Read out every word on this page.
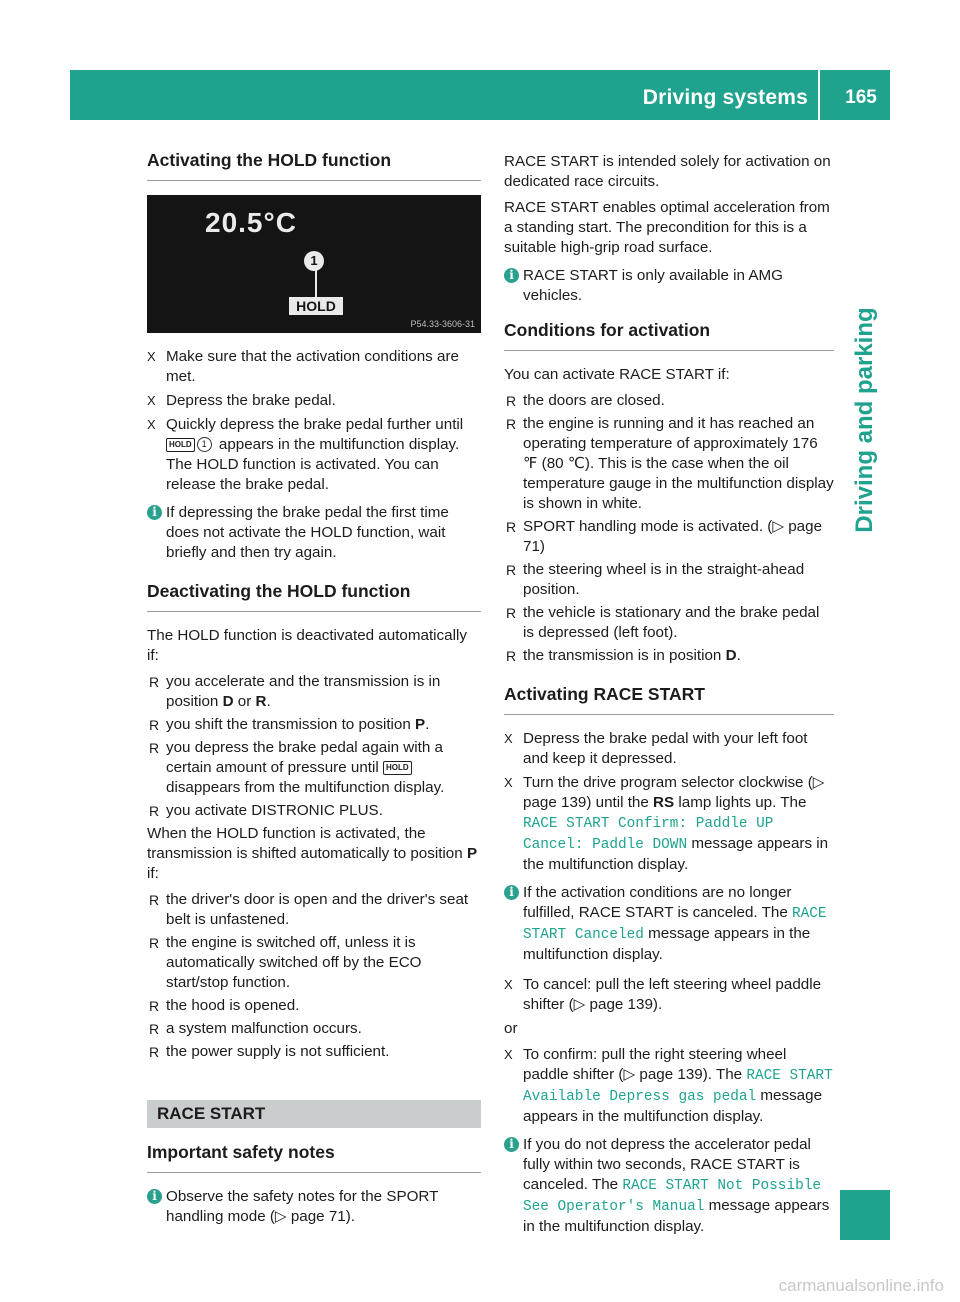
Driving systems	165
Driving and parking
Activating the HOLD function
20.5°C
1
HOLD
P54.33-3606-31
X Make sure that the activation conditions are met.
X Depress the brake pedal.
X Quickly depress the brake pedal further until HOLD 1 appears in the multifunction display. The HOLD function is activated. You can release the brake pedal.
i If depressing the brake pedal the first time does not activate the HOLD function, wait briefly and then try again.
Deactivating the HOLD function

The HOLD function is deactivated automatically if:

R you accelerate and the transmission is in position D or R.
R you shift the transmission to position P.
R you depress the brake pedal again with a certain amount of pressure until HOLD disappears from the multifunction display.
R you activate DISTRONIC PLUS.

When the HOLD function is activated, the transmission is shifted automatically to position P if:

R the driver's door is open and the driver's seat belt is unfastened.
R the engine is switched off, unless it is automatically switched off by the ECO start/stop function.
R the hood is opened.
R a system malfunction occurs.
R the power supply is not sufficient.
RACE START
Important safety notes
i Observe the safety notes for the SPORT handling mode (▷ page 71).

RACE START is intended solely for activation on dedicated race circuits.

RACE START enables optimal acceleration from a standing start. The precondition for this is a suitable high-grip road surface.

i RACE START is only available in AMG vehicles.
Conditions for activation

You can activate RACE START if:

R the doors are closed.
R the engine is running and it has reached an operating temperature of approximately 176 ℉ (80 ℃). This is the case when the oil temperature gauge in the multifunction display is shown in white.
R SPORT handling mode is activated. (▷ page 71)
R the steering wheel is in the straight-ahead position.
R the vehicle is stationary and the brake pedal is depressed (left foot).
R the transmission is in position D.
Activating RACE START
X Depress the brake pedal with your left foot and keep it depressed.
X Turn the drive program selector clockwise (▷ page 139) until the RS lamp lights up. The RACE START Confirm: Paddle UP Cancel: Paddle DOWN message appears in the multifunction display.
i If the activation conditions are no longer fulfilled, RACE START is canceled. The RACE START Canceled message appears in the multifunction display.
X To cancel: pull the left steering wheel paddle shifter (▷ page 139).

or

X To confirm: pull the right steering wheel paddle shifter (▷ page 139). The RACE START Available Depress gas pedal message appears in the multifunction display.
i If you do not depress the accelerator pedal fully within two seconds, RACE START is canceled. The RACE START Not Possible See Operator's Manual message appears in the multifunction display.
carmanualsonline.info
